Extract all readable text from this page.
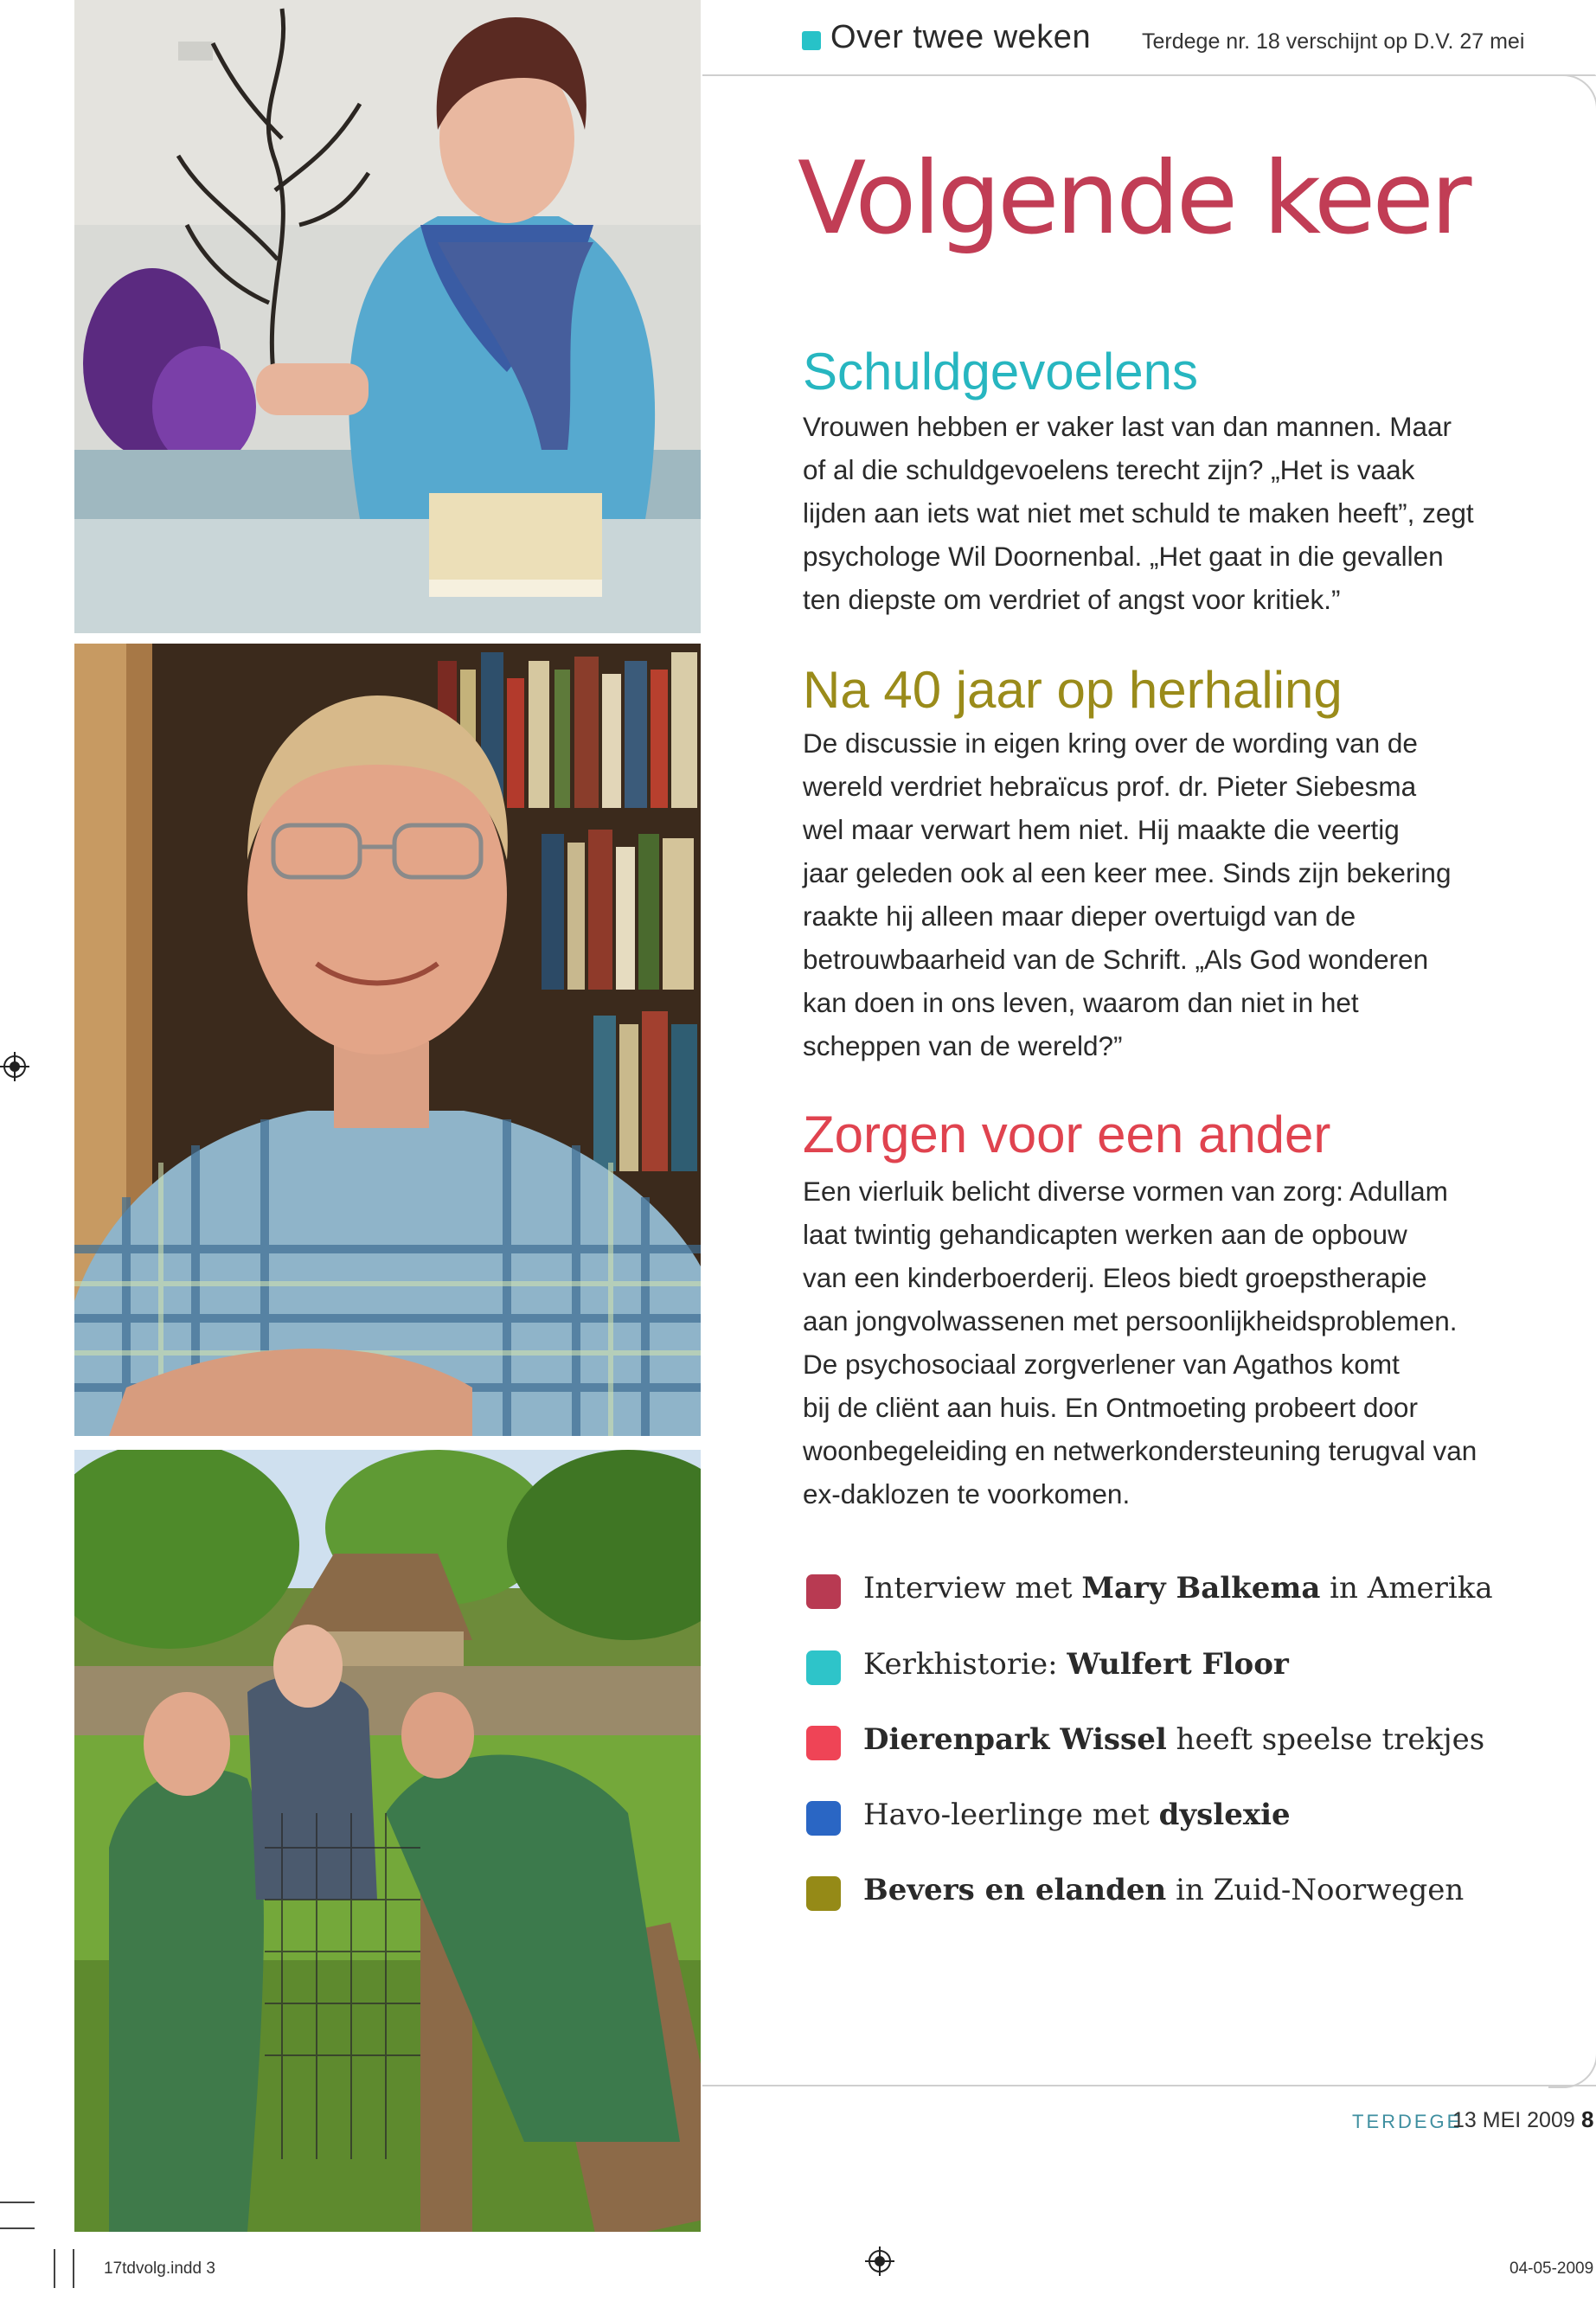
Over twee weken Terdege nr. 18 verschijnt op D.V. 27 mei
Volgende keer
Schuldgevoelens
Vrouwen hebben er vaker last van dan mannen. Maar
of al die schuldgevoelens terecht zijn? „Het is vaak
lijden aan iets wat niet met schuld te maken heeft”, zegt
psychologe Wil Doornenbal. „Het gaat in die gevallen
ten diepste om verdriet of angst voor kritiek.”
Na 40 jaar op herhaling
De discussie in eigen kring over de wording van de
wereld verdriet hebraïcus prof. dr. Pieter Siebesma
wel maar verwart hem niet. Hij maakte die veertig
jaar geleden ook al een keer mee. Sinds zijn bekering
raakte hij alleen maar dieper overtuigd van de
betrouwbaarheid van de Schrift. „Als God wonderen
kan doen in ons leven, waarom dan niet in het
scheppen van de wereld?”
Zorgen voor een ander
Een vierluik belicht diverse vormen van zorg: Adullam
laat twintig gehandicapten werken aan de opbouw
van een kinderboerderij. Eleos biedt groepstherapie
aan jongvolwassenen met persoonlijkheidsproblemen.
De psychosociaal zorgverlener van Agathos komt
bij de cliënt aan huis. En Ontmoeting probeert door
woonbegeleiding en netwerkondersteuning terugval van
ex-daklozen te voorkomen.
Interview met Mary Balkema in Amerika
Kerkhistorie: Wulfert Floor
Dierenpark Wissel heeft speelse trekjes
Havo-leerlinge met dyslexie
Bevers en elanden in Zuid-Noorwegen
TERDEGE
13 MEI 2009 8
17tdvolg.indd 3	04-05-2009
